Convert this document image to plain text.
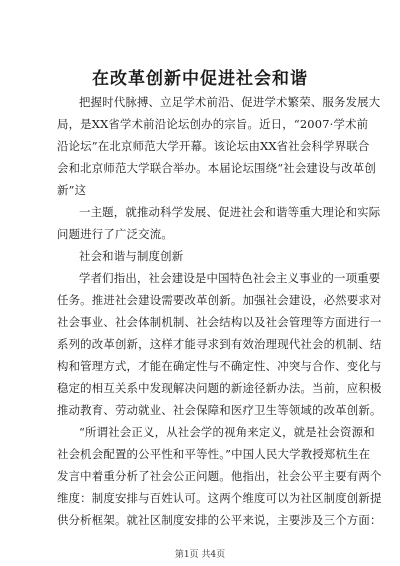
在改革创新中促进社会和谐
把握时代脉搏、立足学术前沿、促进学术繁荣、服务发展大
局，是XX省学术前沿论坛创办的宗旨。近日，“2007·学术前
沿论坛”在北京师范大学开幕。该论坛由XX省社会科学界联合
会和北京师范大学联合举办。本届论坛围绕“社会建设与改革创
新”这
一主题，就推动科学发展、促进社会和谐等重大理论和实际
问题进行了广泛交流。
社会和谐与制度创新
学者们指出，社会建设是中国特色社会主义事业的一项重要
任务。推进社会建设需要改革创新。加强社会建设，必然要求对
社会事业、社会体制机制、社会结构以及社会管理等方面进行一
系列的改革创新，这样才能寻求到有效治理现代社会的机制、结
构和管理方式，才能在确定性与不确定性、冲突与合作、变化与
稳定的相互关系中发现解决问题的新途径新办法。当前，应积极
推动教育、劳动就业、社会保障和医疗卫生等领域的改革创新。
“所谓社会正义，从社会学的视角来定义，就是社会资源和
社会机会配置的公平性和平等性。”中国人民大学教授郑杭生在
发言中着重分析了社会公正问题。他指出，社会公平主要有两个
维度：制度安排与百姓认可。这两个维度可以为社区制度创新提
供分析框架。就社区制度安排的公平来说，主要涉及三个方面：
第1页 共4页
